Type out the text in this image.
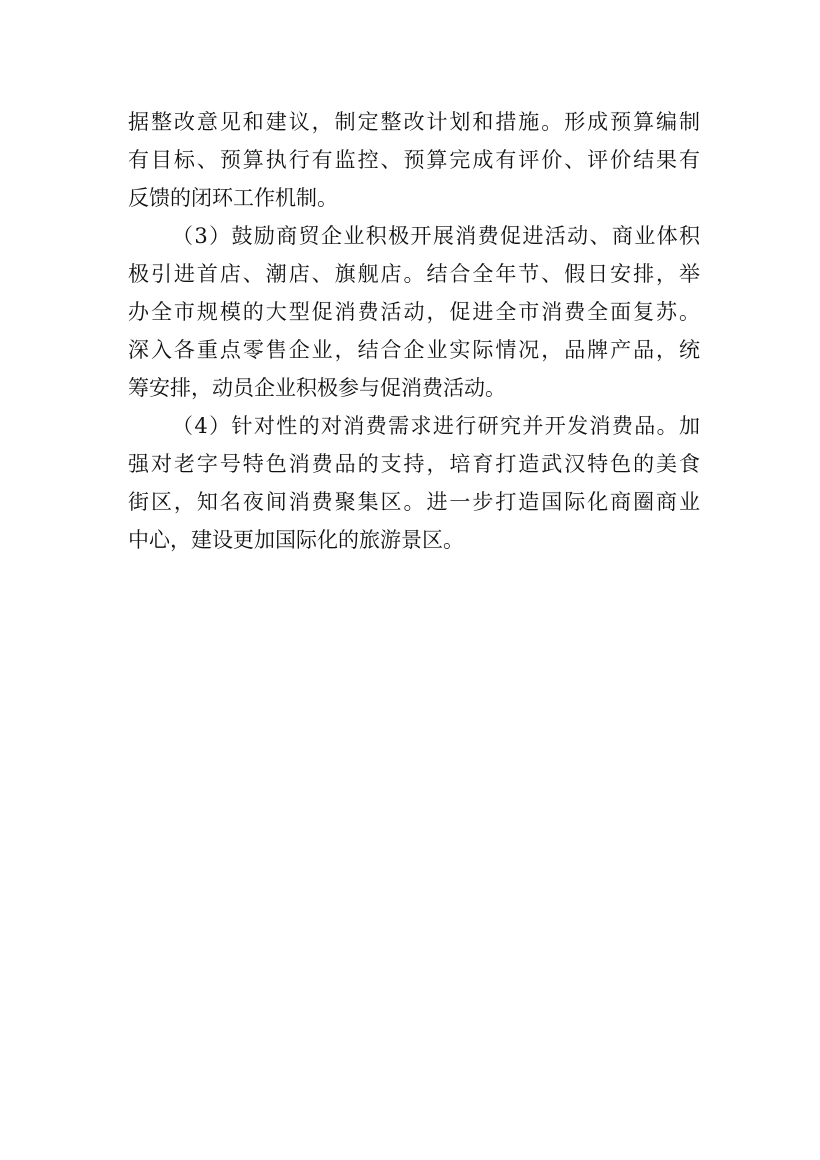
据整改意见和建议，制定整改计划和措施。形成预算编制
有目标、预算执行有监控、预算完成有评价、评价结果有
反馈的闭环工作机制。
（3）鼓励商贸企业积极开展消费促进活动、商业体积
极引进首店、潮店、旗舰店。结合全年节、假日安排，举
办全市规模的大型促消费活动，促进全市消费全面复苏。
深入各重点零售企业，结合企业实际情况，品牌产品，统
筹安排，动员企业积极参与促消费活动。
（4）针对性的对消费需求进行研究并开发消费品。加
强对老字号特色消费品的支持，培育打造武汉特色的美食
街区，知名夜间消费聚集区。进一步打造国际化商圈商业
中心，建设更加国际化的旅游景区。
